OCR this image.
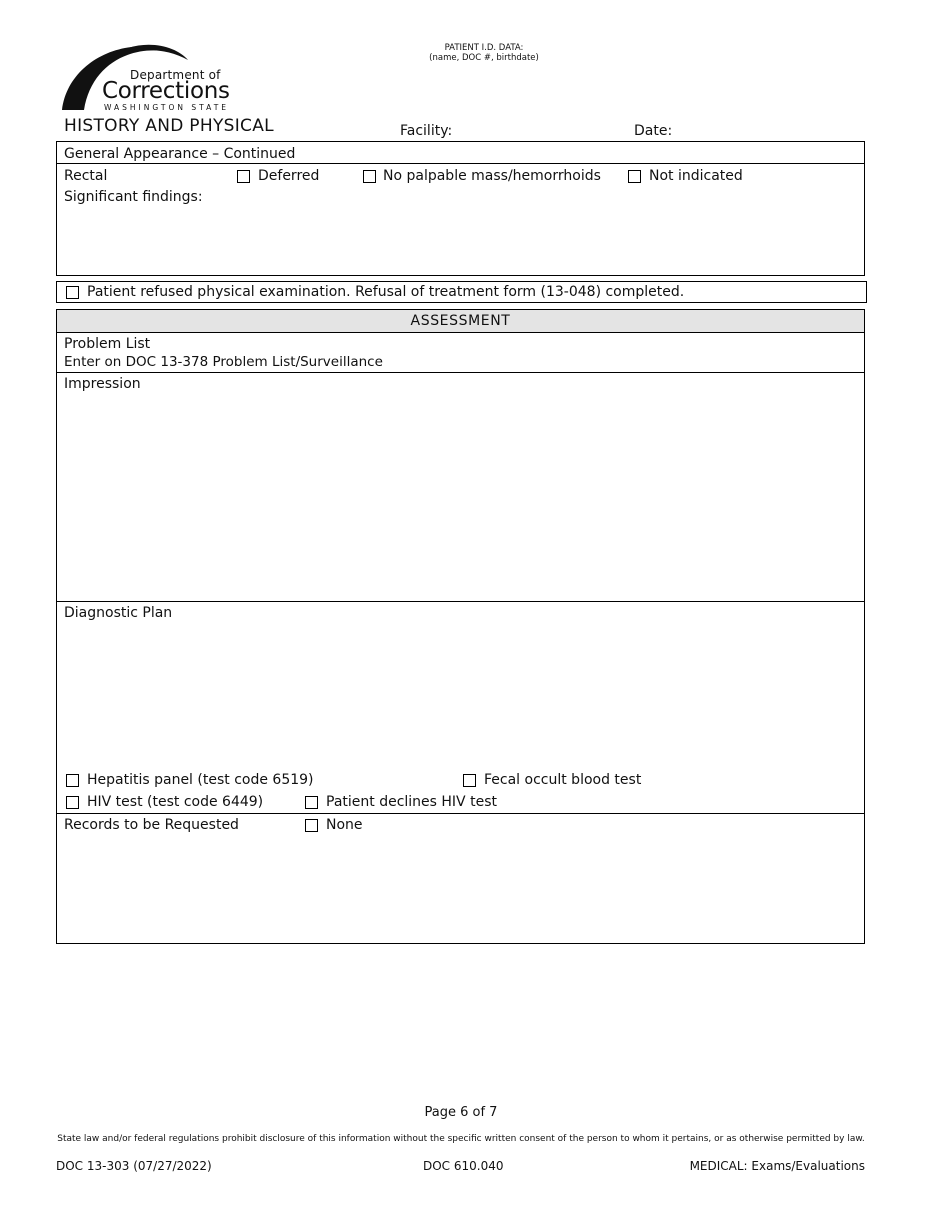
Department of
Corrections
WASHINGTON STATE
PATIENT I.D. DATA:
(name, DOC #, birthdate)
HISTORY AND PHYSICAL	Facility:	Date:
General Appearance – Continued
Rectal	Deferred	No palpable mass/hemorrhoids	Not indicated
Significant findings:
Patient refused physical examination. Refusal of treatment form (13-048) completed.
ASSESSMENT
Problem List
Enter on DOC 13-378 Problem List/Surveillance
Impression
Diagnostic Plan
Hepatitis panel (test code 6519)	Fecal occult blood test
HIV test (test code 6449)	Patient declines HIV test
Records to be Requested	None
Page 6 of 7
State law and/or federal regulations prohibit disclosure of this information without the specific written consent of the person to whom it pertains, or as otherwise permitted by law.
DOC 13-303 (07/27/2022)	DOC 610.040	MEDICAL: Exams/Evaluations
